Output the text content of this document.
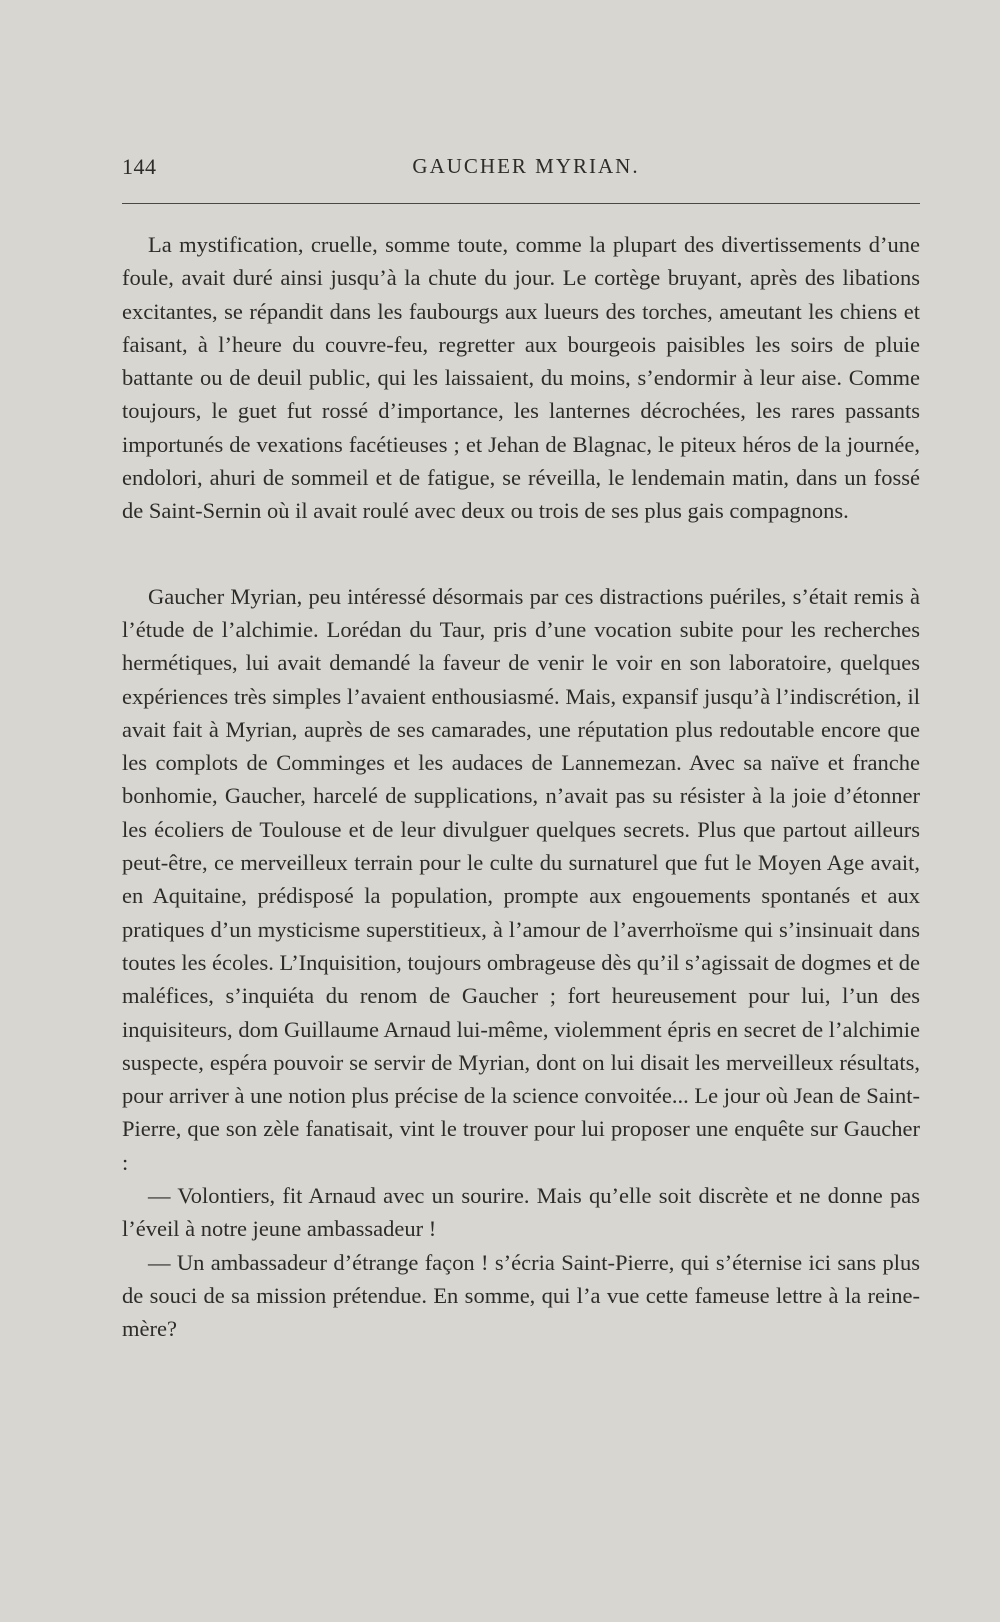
144	GAUCHER MYRIAN.

La mystification, cruelle, somme toute, comme la plupart des divertissements d’une foule, avait duré ainsi jusqu’à la chute du jour. Le cortège bruyant, après des libations excitantes, se répandit dans les faubourgs aux lueurs des torches, ameutant les chiens et faisant, à l’heure du couvre-feu, regretter aux bourgeois paisibles les soirs de pluie battante ou de deuil public, qui les laissaient, du moins, s’endormir à leur aise. Comme toujours, le guet fut rossé d’importance, les lanternes décrochées, les rares passants importunés de vexations facétieuses ; et Jehan de Blagnac, le piteux héros de la journée, endolori, ahuri de sommeil et de fatigue, se réveilla, le lendemain matin, dans un fossé de Saint-Sernin où il avait roulé avec deux ou trois de ses plus gais compagnons.

Gaucher Myrian, peu intéressé désormais par ces distractions puériles, s’était remis à l’étude de l’alchimie. Lorédan du Taur, pris d’une vocation subite pour les recherches hermétiques, lui avait demandé la faveur de venir le voir en son laboratoire, quelques expériences très simples l’avaient enthousiasmé. Mais, expansif jusqu’à l’indiscrétion, il avait fait à Myrian, auprès de ses camarades, une réputation plus redoutable encore que les complots de Comminges et les audaces de Lannemezan. Avec sa naïve et franche bonhomie, Gaucher, harcelé de supplications, n’avait pas su résister à la joie d’étonner les écoliers de Toulouse et de leur divulguer quelques secrets. Plus que partout ailleurs peut-être, ce merveilleux terrain pour le culte du surnaturel que fut le Moyen Age avait, en Aquitaine, prédisposé la population, prompte aux engouements spontanés et aux pratiques d’un mysticisme superstitieux, à l’amour de l’averrhoïsme qui s’insinuait dans toutes les écoles. L’Inquisition, toujours ombrageuse dès qu’il s’agissait de dogmes et de maléfices, s’inquiéta du renom de Gaucher ; fort heureusement pour lui, l’un des inquisiteurs, dom Guillaume Arnaud lui-même, violemment épris en secret de l’alchimie suspecte, espéra pouvoir se servir de Myrian, dont on lui disait les merveilleux résultats, pour arriver à une notion plus précise de la science convoitée... Le jour où Jean de Saint-Pierre, que son zèle fanatisait, vint le trouver pour lui proposer une enquête sur Gaucher :

— Volontiers, fit Arnaud avec un sourire. Mais qu’elle soit discrète et ne donne pas l’éveil à notre jeune ambassadeur !

— Un ambassadeur d’étrange façon ! s’écria Saint-Pierre, qui s’éternise ici sans plus de souci de sa mission prétendue. En somme, qui l’a vue cette fameuse lettre à la reine-mère?
